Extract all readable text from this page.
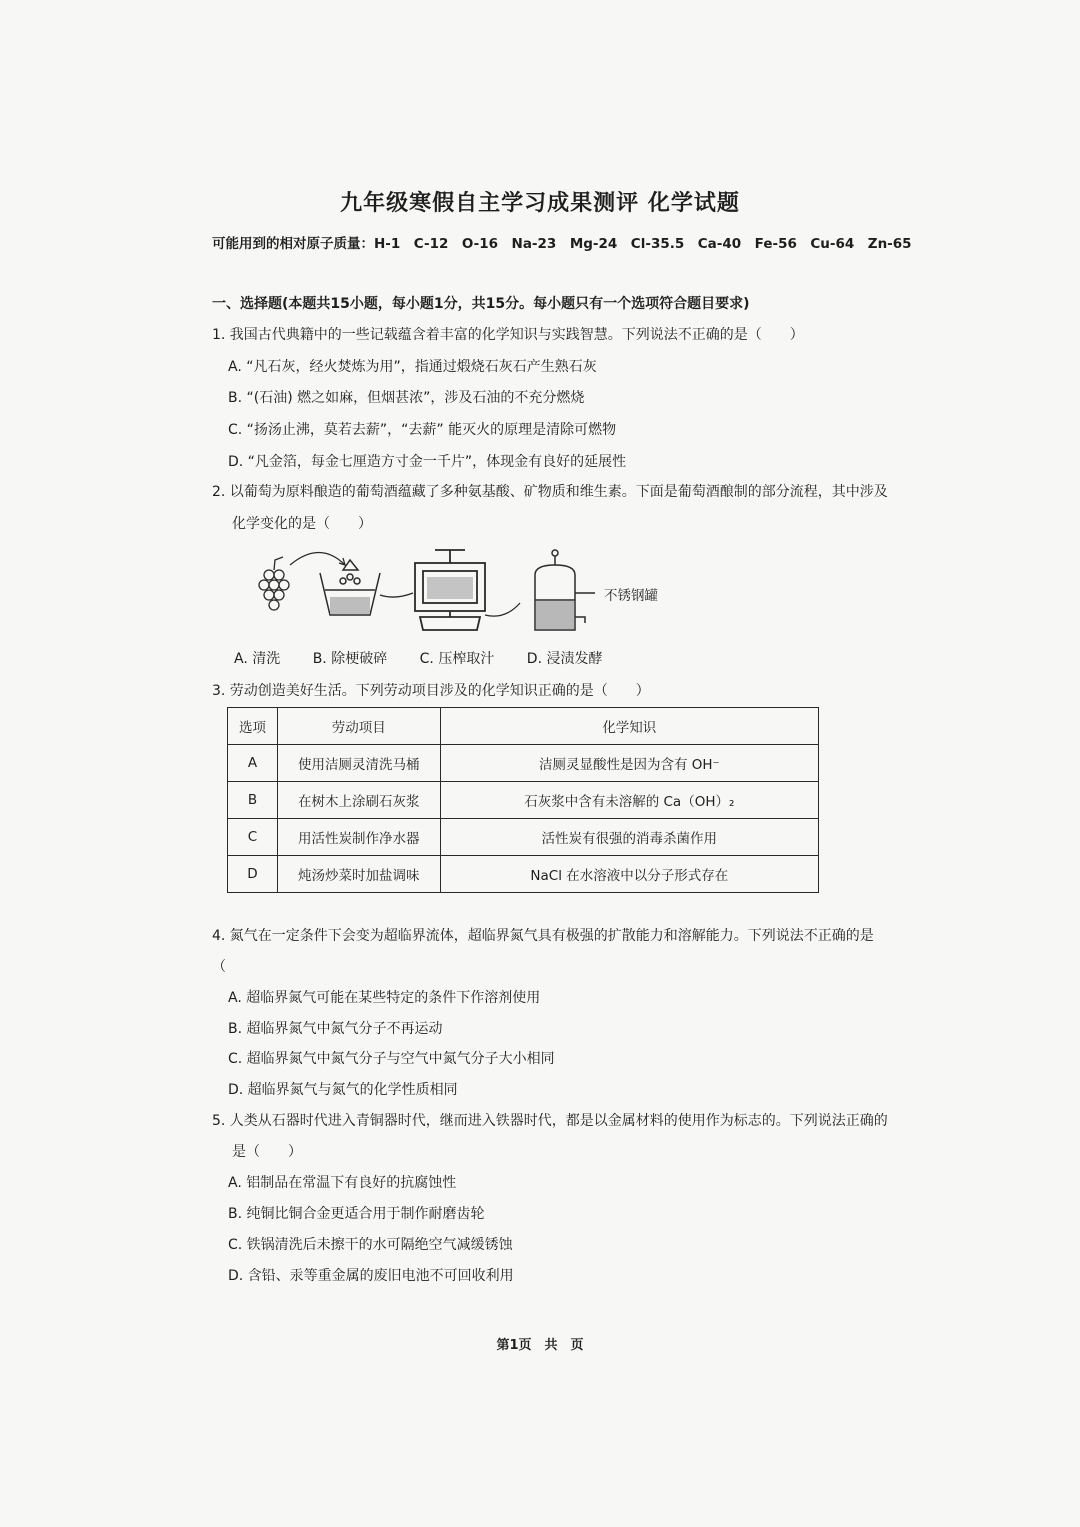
九年级寒假自主学习成果测评 化学试题
可能用到的相对原子质量：H-1　C-12　O-16　Na-23　Mg-24　Cl-35.5　Ca-40　Fe-56　Cu-64　Zn-65
一、选择题(本题共15小题，每小题1分，共15分。每小题只有一个选项符合题目要求)
1. 我国古代典籍中的一些记载蕴含着丰富的化学知识与实践智慧。下列说法不正确的是（　　）
A. “凡石灰，经火焚炼为用”，指通过煅烧石灰石产生熟石灰
B. “(石油) 燃之如麻，但烟甚浓”，涉及石油的不充分燃烧
C. “扬汤止沸，莫若去薪”，“去薪” 能灭火的原理是清除可燃物
D. “凡金箔，每金七厘造方寸金一千片”，体现金有良好的延展性
2. 以葡萄为原料酿造的葡萄酒蕴藏了多种氨基酸、矿物质和维生素。下面是葡萄酒酿制的部分流程，其中涉及
化学变化的是（　　）
不锈钢罐
A. 清洗 B. 除梗破碎 C. 压榨取汁 D. 浸渍发酵
3. 劳动创造美好生活。下列劳动项目涉及的化学知识正确的是（　　）
选项	劳动项目	化学知识
A	使用洁厕灵清洗马桶	洁厕灵显酸性是因为含有 OH⁻
B	在树木上涂刷石灰浆	石灰浆中含有未溶解的 Ca（OH）₂
C	用活性炭制作净水器	活性炭有很强的消毒杀菌作用
D	炖汤炒菜时加盐调味	NaCl 在水溶液中以分子形式存在
4. 氮气在一定条件下会变为超临界流体，超临界氮气具有极强的扩散能力和溶解能力。下列说法不正确的是
（
A. 超临界氮气可能在某些特定的条件下作溶剂使用
B. 超临界氮气中氮气分子不再运动
C. 超临界氮气中氮气分子与空气中氮气分子大小相同
D. 超临界氮气与氮气的化学性质相同
5. 人类从石器时代进入青铜器时代，继而进入铁器时代，都是以金属材料的使用作为标志的。下列说法正确的
是（　　）
A. 铝制品在常温下有良好的抗腐蚀性
B. 纯铜比铜合金更适合用于制作耐磨齿轮
C. 铁锅清洗后未擦干的水可隔绝空气减缓锈蚀
D. 含铅、汞等重金属的废旧电池不可回收利用
第1页　共　页
